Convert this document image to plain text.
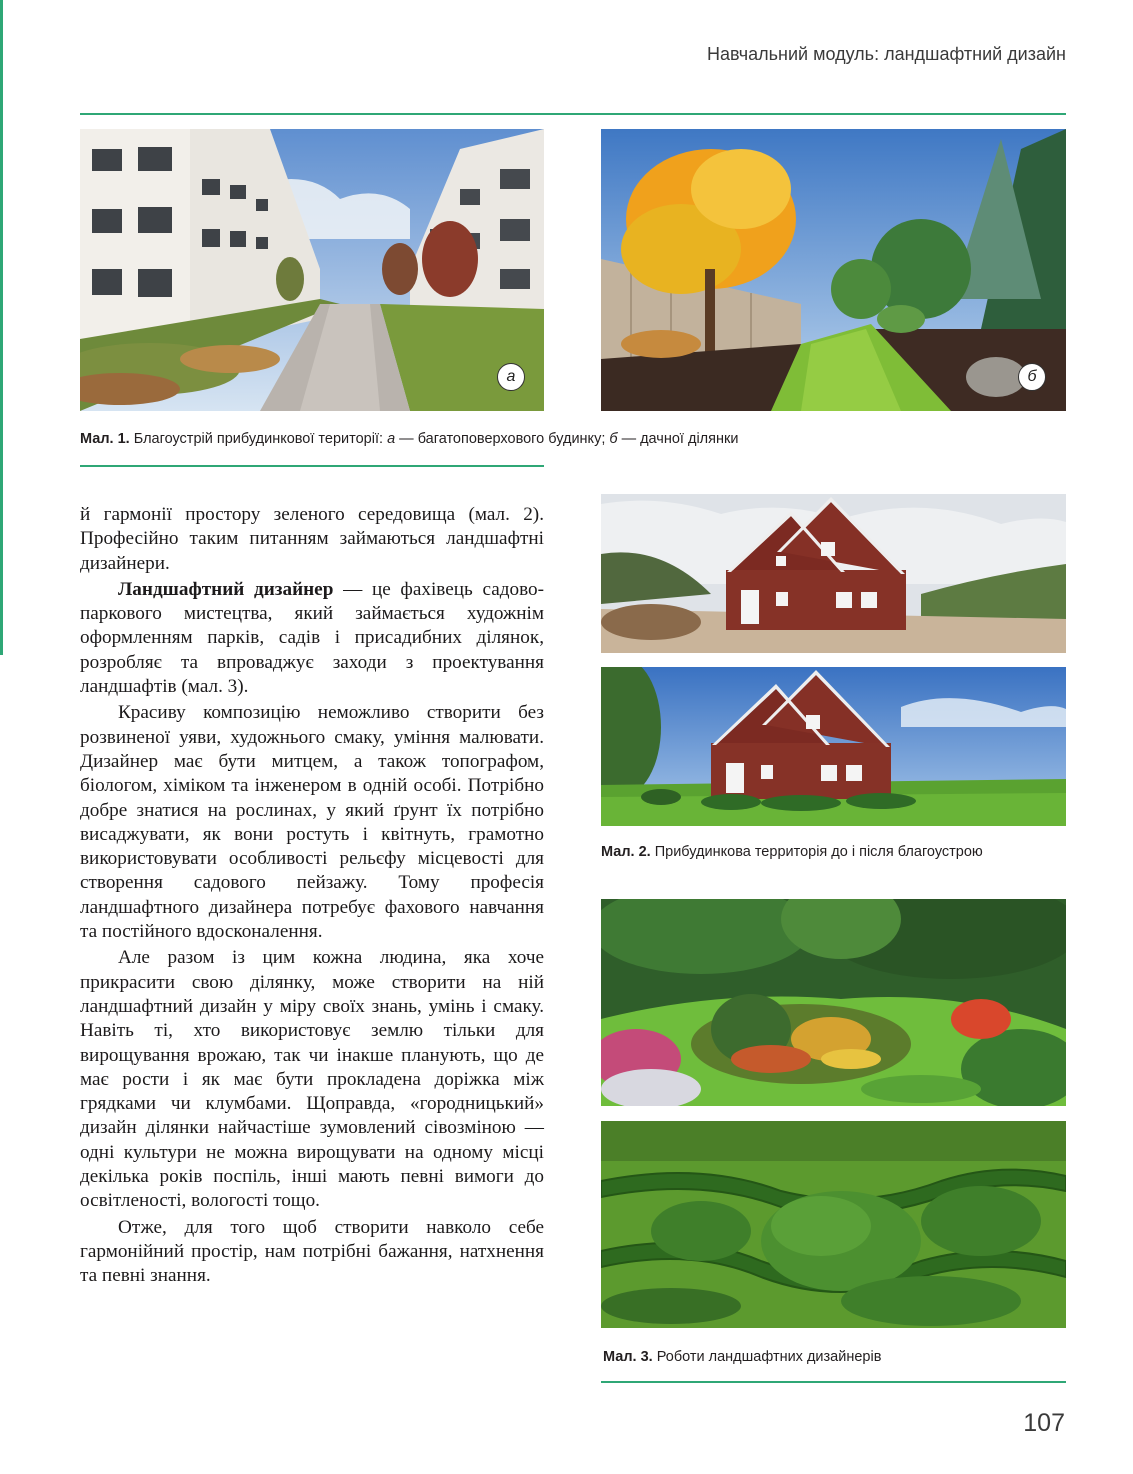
Навчальний модуль: ландшафтний дизайн
а	б
Мал. 1. Благоустрій прибудинкової території: а — багатоповерхового будинку; б — дачної ділянки
Мал. 2. Прибудинкова территорія до і після благоустрою
Мал. 3. Роботи ландшафтних дизайнерів

й гармонії простору зеленого середовища (мал. 2). Професійно таким питанням займаються ландшафтні дизайнери.

Ландшафтний дизайнер — це фахівець садово-паркового мистецтва, який займається художнім оформленням парків, садів і присадибних ділянок, розробляє та впроваджує заходи з проектування ландшафтів (мал. 3).

Красиву композицію неможливо створити без розвиненої уяви, художнього смаку, уміння малювати. Дизайнер має бути митцем, а також топографом, біологом, хіміком та інженером в одній особі. Потрібно добре знатися на рослинах, у який ґрунт їх потрібно висаджувати, як вони ростуть і квітнуть, грамотно використовувати особливості рельєфу місцевості для створення садового пейзажу. Тому професія ландшафтного дизайнера потребує фахового навчання та постійного вдосконалення.

Але разом із цим кожна людина, яка хоче прикрасити свою ділянку, може створити на ній ландшафтний дизайн у міру своїх знань, умінь і смаку. Навіть ті, хто використовує землю тільки для вирощування врожаю, так чи інакше планують, що де має рости і як має бути прокладена доріжка між грядками чи клумбами. Щоправда, «городницький» дизайн ділянки найчастіше зумовлений сівозміною — одні культури не можна вирощувати на одному місці декілька років поспіль, інші мають певні вимоги до освітленості, вологості тощо.

Отже, для того щоб створити навколо себе гармонійний простір, нам потрібні бажання, натхнення та певні знання.

107
